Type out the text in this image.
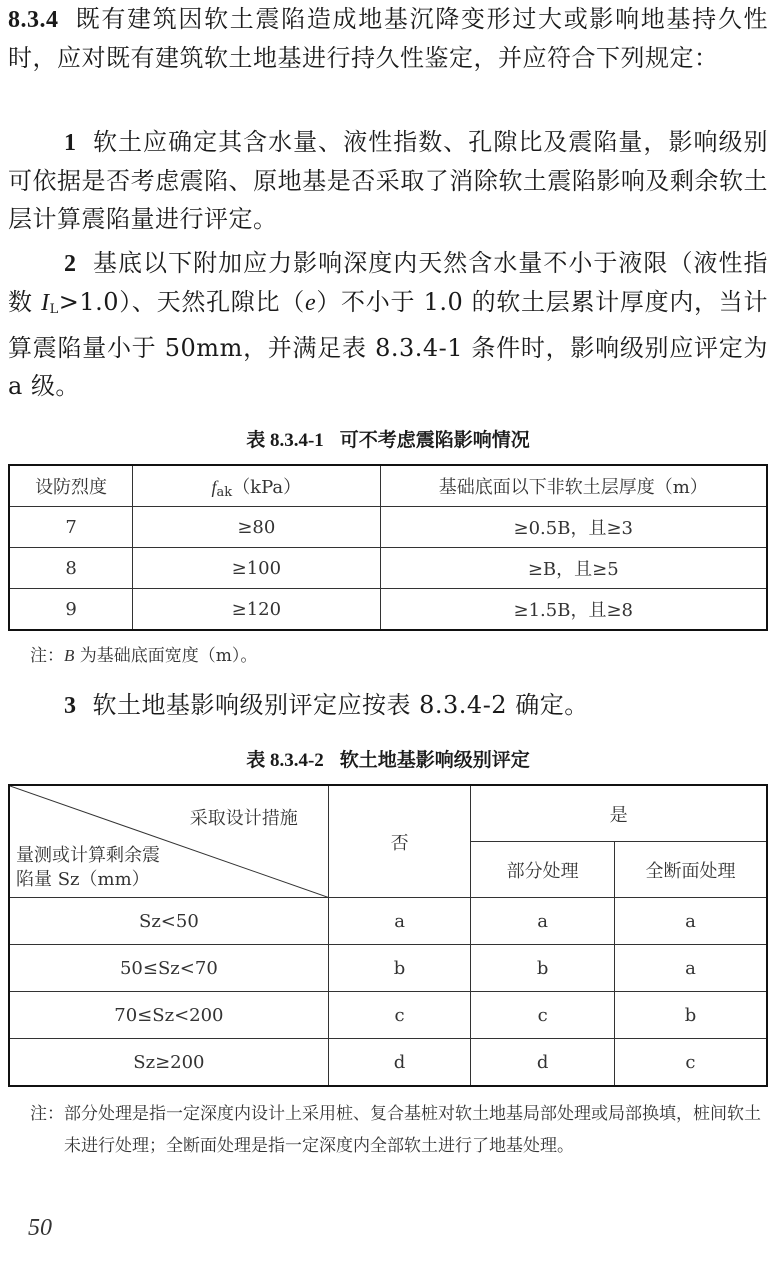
8.3.4 既有建筑因软土震陷造成地基沉降变形过大或影响地基持久性时，应对既有建筑软土地基进行持久性鉴定，并应符合下列规定：

1 软土应确定其含水量、液性指数、孔隙比及震陷量，影响级别可依据是否考虑震陷、原地基是否采取了消除软土震陷影响及剩余软土层计算震陷量进行评定。

2 基底以下附加应力影响深度内天然含水量不小于液限（液性指数 $I_L>1.0$）、天然孔隙比（e）不小于 1.0 的软土层累计厚度内，当计算震陷量小于 50mm，并满足表 8.3.4-1 条件时，影响级别应评定为 a 级。

表 8.3.4-1 可不考虑震陷影响情况
设防烈度	$f_{ak}(kPa)$	基础底面以下非软土层厚度（m）
7	≥80	≥0.5B，且≥3
8	≥100	≥B，且≥5
9	≥120	≥1.5B，且≥8
注：B 为基础底面宽度（m）。

3 软土地基影响级别评定应按表 8.3.4-2 确定。

表 8.3.4-2 软土地基影响级别评定
采取设计措施
量测或计算剩余震
陷量 Sz（mm）	否	是	
		部分处理	全断面处理
Sz<50	a	a	a
50≤Sz<70	b	b	a
70≤Sz<200	c	c	b
Sz≥200	d	d	c
注： 部分处理是指一定深度内设计上采用桩、复合基桩对软土地基局部处理或局部换填，桩间软土未进行处理；全断面处理是指一定深度内全部软土进行了地基处理。
50
